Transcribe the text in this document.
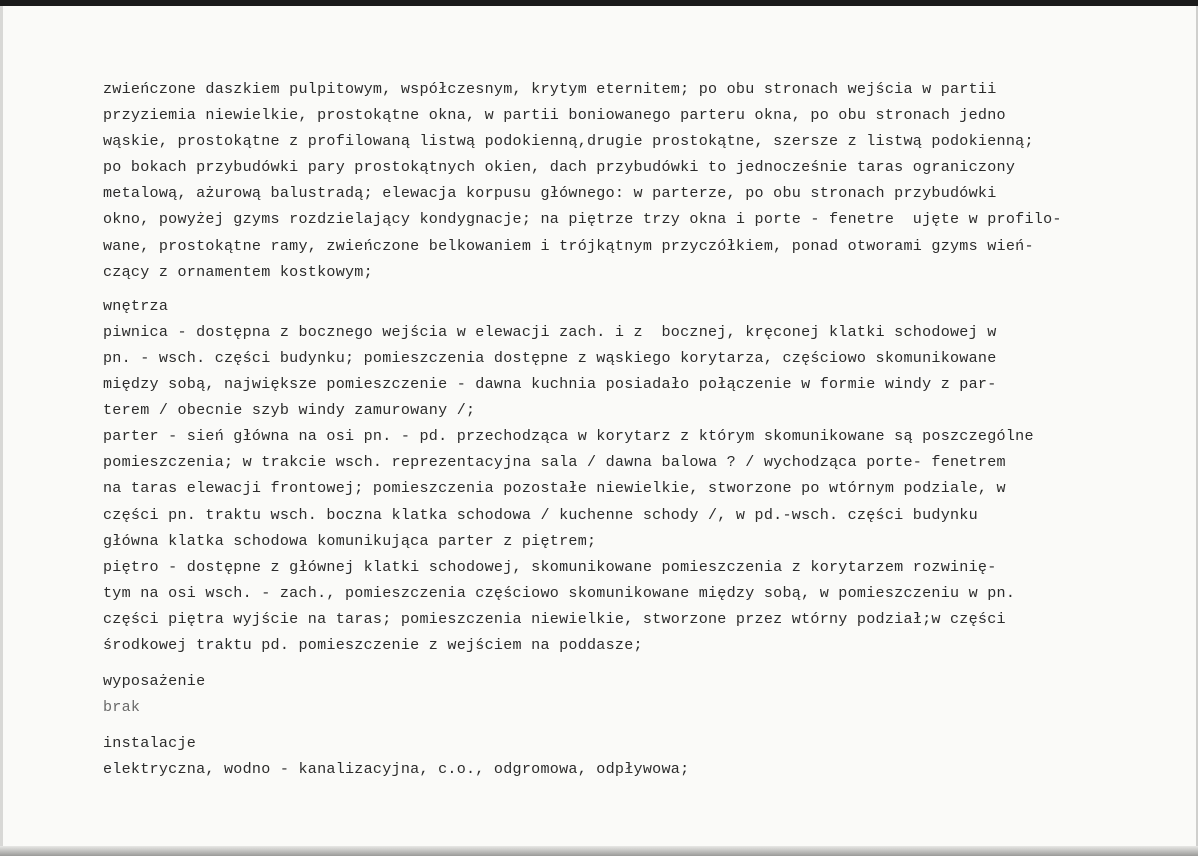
zwieńczone daszkiem pulpitowym, współczesnym, krytym eternitem; po obu stronach wejścia w partii
przyziemia niewielkie, prostokątne okna, w partii boniowanego parteru okna, po obu stronach jedno
wąskie, prostokątne z profilowaną listwą podokienną,drugie prostokątne, szersze z listwą podokienną;
po bokach przybudówki pary prostokątnych okien, dach przybudówki to jednocześnie taras ograniczony
metalową, ażurową balustradą; elewacja korpusu głównego: w parterze, po obu stronach przybudówki
okno, powyżej gzyms rozdzielający kondygnacje; na piętrze trzy okna i porte - fenetre  ujęte w profilo-
wane, prostokątne ramy, zwieńczone belkowaniem i trójkątnym przyczółkiem, ponad otworami gzyms wień-
czący z ornamentem kostkowym;
wnętrza
piwnica - dostępna z bocznego wejścia w elewacji zach. i z  bocznej, kręconej klatki schodowej w
pn. - wsch. części budynku; pomieszczenia dostępne z wąskiego korytarza, częściowo skomunikowane
między sobą, największe pomieszczenie - dawna kuchnia posiadało połączenie w formie windy z par-
terem / obecnie szyb windy zamurowany /;
parter - sień główna na osi pn. - pd. przechodząca w korytarz z którym skomunikowane są poszczególne
pomieszczenia; w trakcie wsch. reprezentacyjna sala / dawna balowa ? / wychodząca porte- fenetrem
na taras elewacji frontowej; pomieszczenia pozostałe niewielkie, stworzone po wtórnym podziale, w
części pn. traktu wsch. boczna klatka schodowa / kuchenne schody /, w pd.-wsch. części budynku
główna klatka schodowa komunikująca parter z piętrem;
piętro - dostępne z głównej klatki schodowej, skomunikowane pomieszczenia z korytarzem rozwinię-
tym na osi wsch. - zach., pomieszczenia częściowo skomunikowane między sobą, w pomieszczeniu w pn.
części piętra wyjście na taras; pomieszczenia niewielkie, stworzone przez wtórny podział;w części
środkowej traktu pd. pomieszczenie z wejściem na poddasze;
wyposażenie
brak
instalacje
elektryczna, wodno - kanalizacyjna, c.o., odgromowa, odpływowa;
